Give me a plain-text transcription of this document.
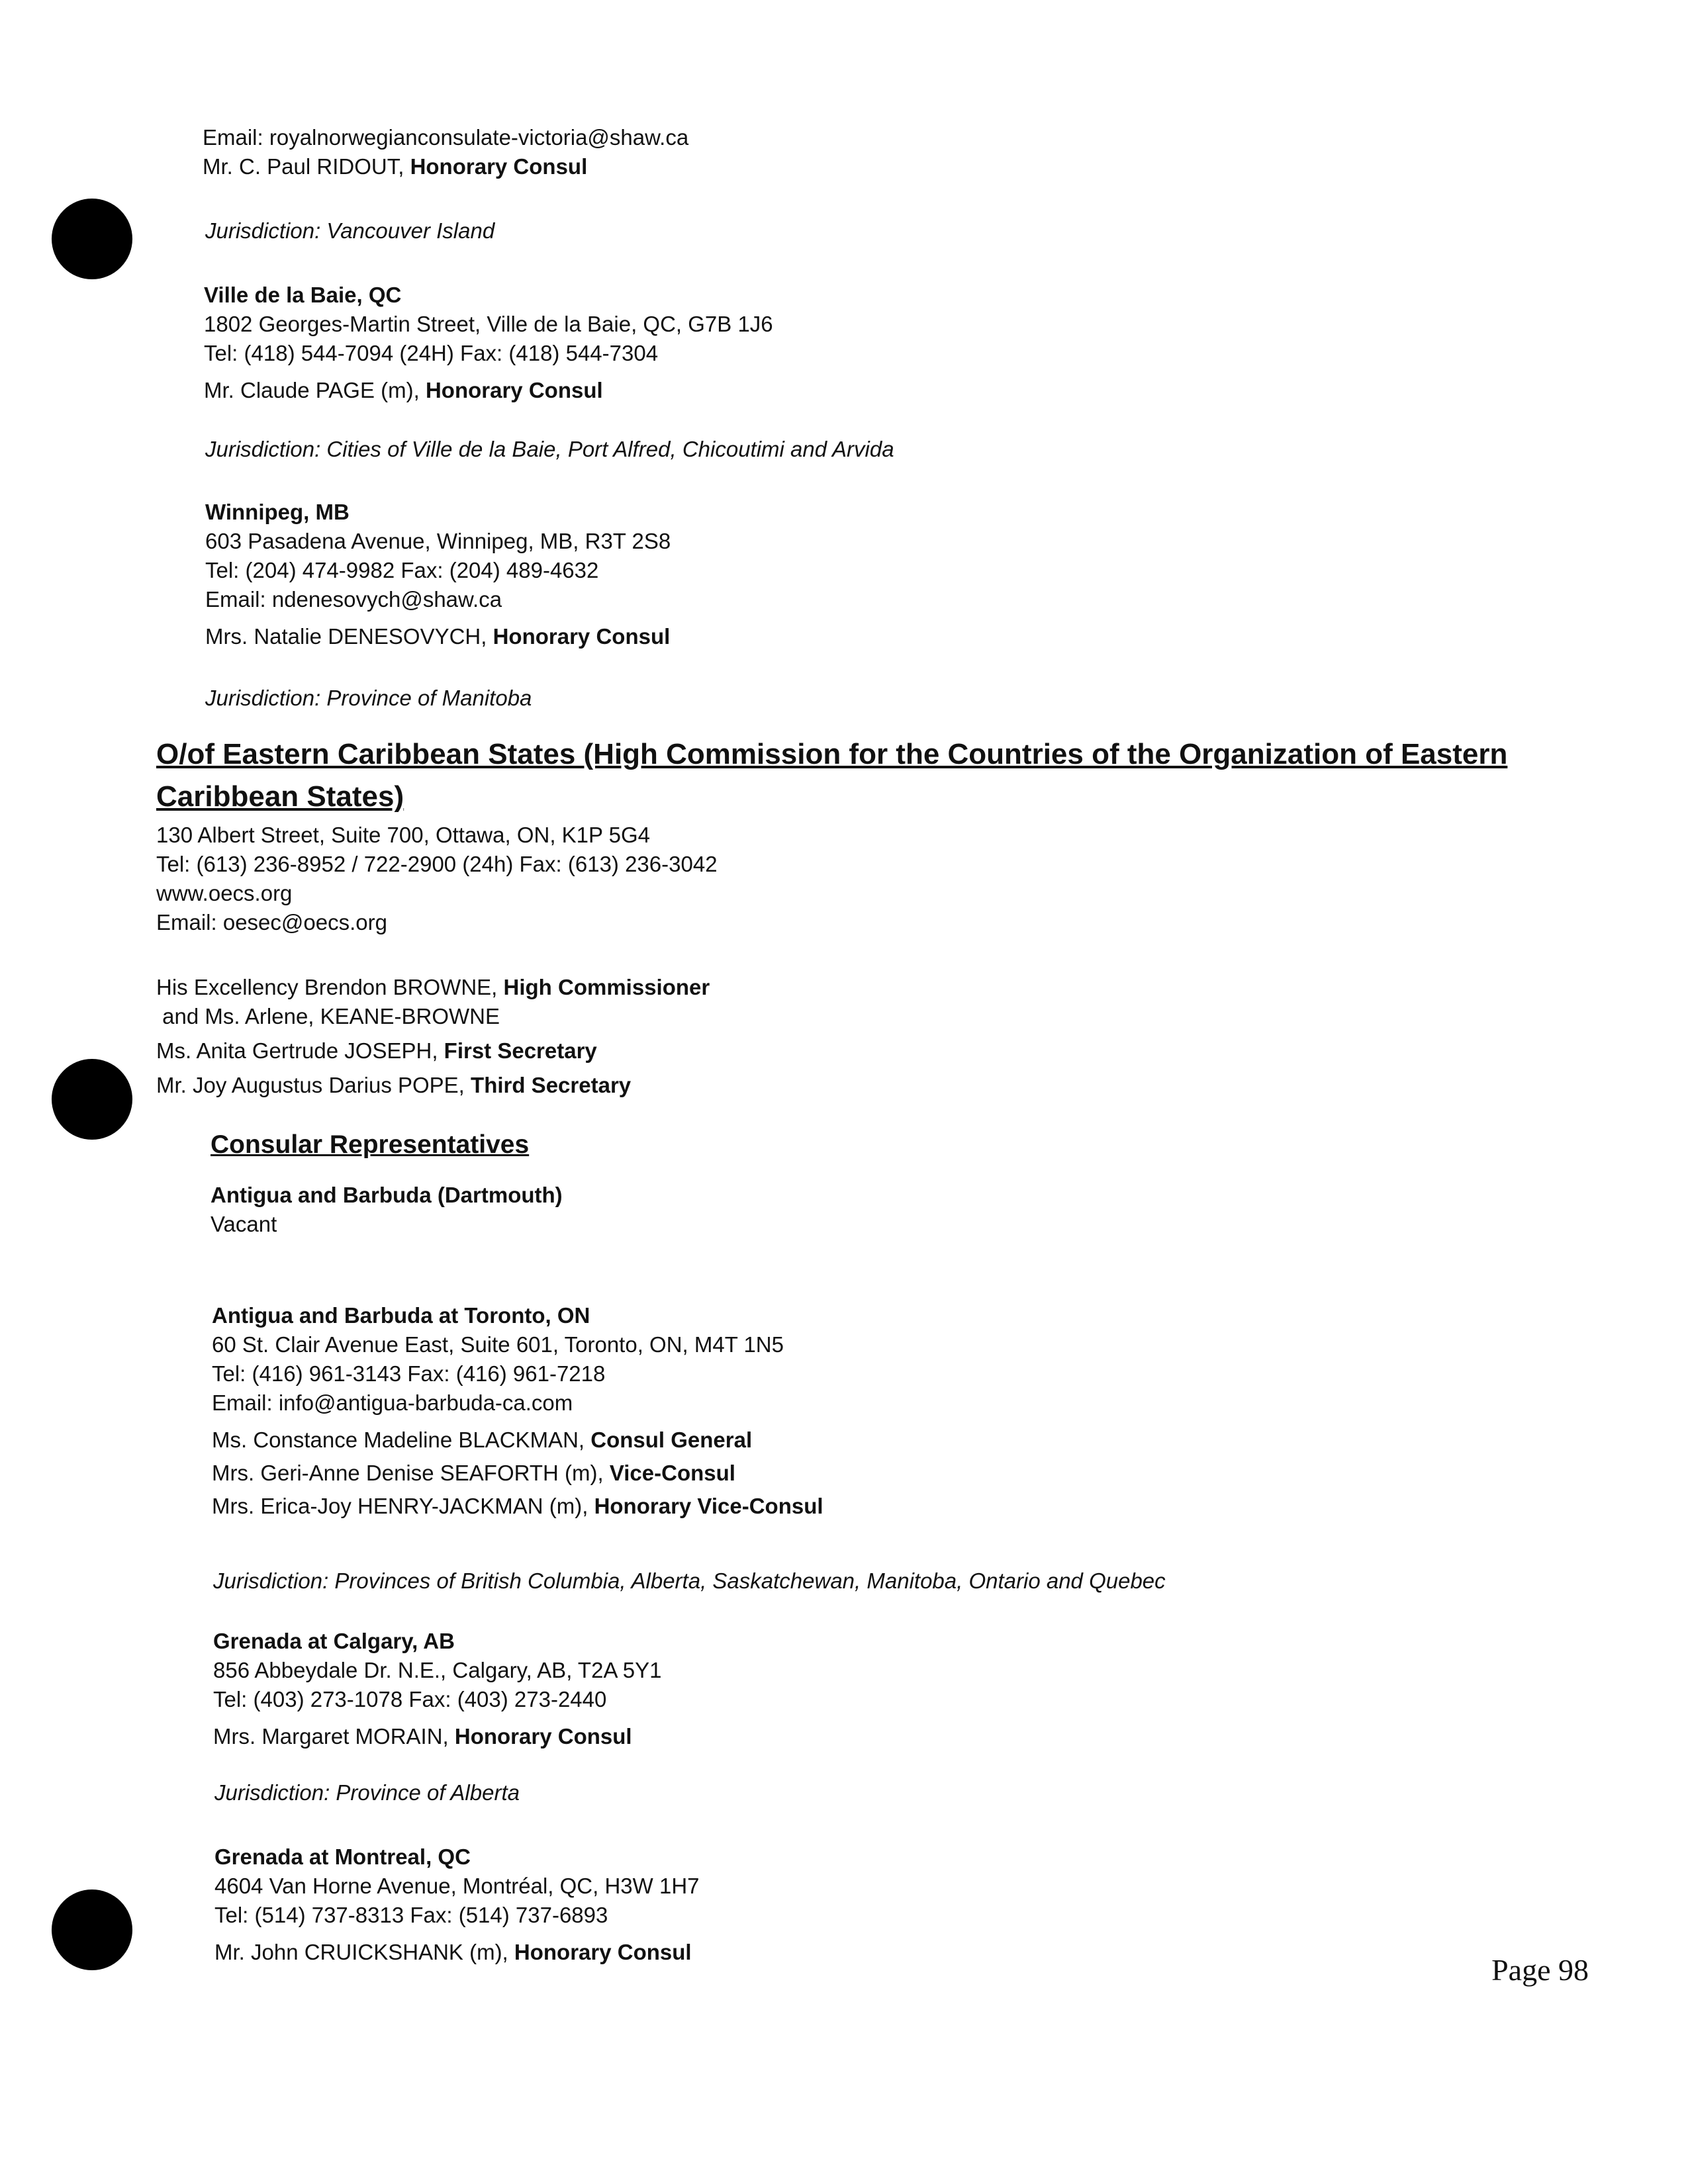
Email: royalnorwegianconsulate-victoria@shaw.ca
Mr. C. Paul RIDOUT, Honorary Consul
Jurisdiction: Vancouver Island
Ville de la Baie, QC
1802 Georges-Martin Street, Ville de la Baie, QC, G7B 1J6
Tel: (418) 544-7094 (24H) Fax: (418) 544-7304
Mr. Claude PAGE (m), Honorary Consul
Jurisdiction: Cities of Ville de la Baie, Port Alfred, Chicoutimi and Arvida
Winnipeg, MB
603 Pasadena Avenue, Winnipeg, MB, R3T 2S8
Tel: (204) 474-9982 Fax: (204) 489-4632
Email: ndenesovych@shaw.ca
Mrs. Natalie DENESOVYCH, Honorary Consul
Jurisdiction: Province of Manitoba
O/of Eastern Caribbean States (High Commission for the Countries of the Organization of Eastern Caribbean States)
130 Albert Street, Suite 700, Ottawa, ON, K1P 5G4
Tel: (613) 236-8952 / 722-2900 (24h) Fax: (613) 236-3042
www.oecs.org
Email: oesec@oecs.org
His Excellency Brendon BROWNE, High Commissioner
and Ms. Arlene, KEANE-BROWNE
Ms. Anita Gertrude JOSEPH, First Secretary
Mr. Joy Augustus Darius POPE, Third Secretary
Consular Representatives
Antigua and Barbuda (Dartmouth)
Vacant
Antigua and Barbuda at Toronto, ON
60 St. Clair Avenue East, Suite 601, Toronto, ON, M4T 1N5
Tel: (416) 961-3143 Fax: (416) 961-7218
Email: info@antigua-barbuda-ca.com
Ms. Constance Madeline BLACKMAN, Consul General
Mrs. Geri-Anne Denise SEAFORTH (m), Vice-Consul
Mrs. Erica-Joy HENRY-JACKMAN (m), Honorary Vice-Consul
Jurisdiction: Provinces of British Columbia, Alberta, Saskatchewan, Manitoba, Ontario and Quebec
Grenada at Calgary, AB
856 Abbeydale Dr. N.E., Calgary, AB, T2A 5Y1
Tel: (403) 273-1078 Fax: (403) 273-2440
Mrs. Margaret MORAIN, Honorary Consul
Jurisdiction: Province of Alberta
Grenada at Montreal, QC
4604 Van Horne Avenue, Montréal, QC, H3W 1H7
Tel: (514) 737-8313 Fax: (514) 737-6893
Mr. John CRUICKSHANK (m), Honorary Consul
Page 98
